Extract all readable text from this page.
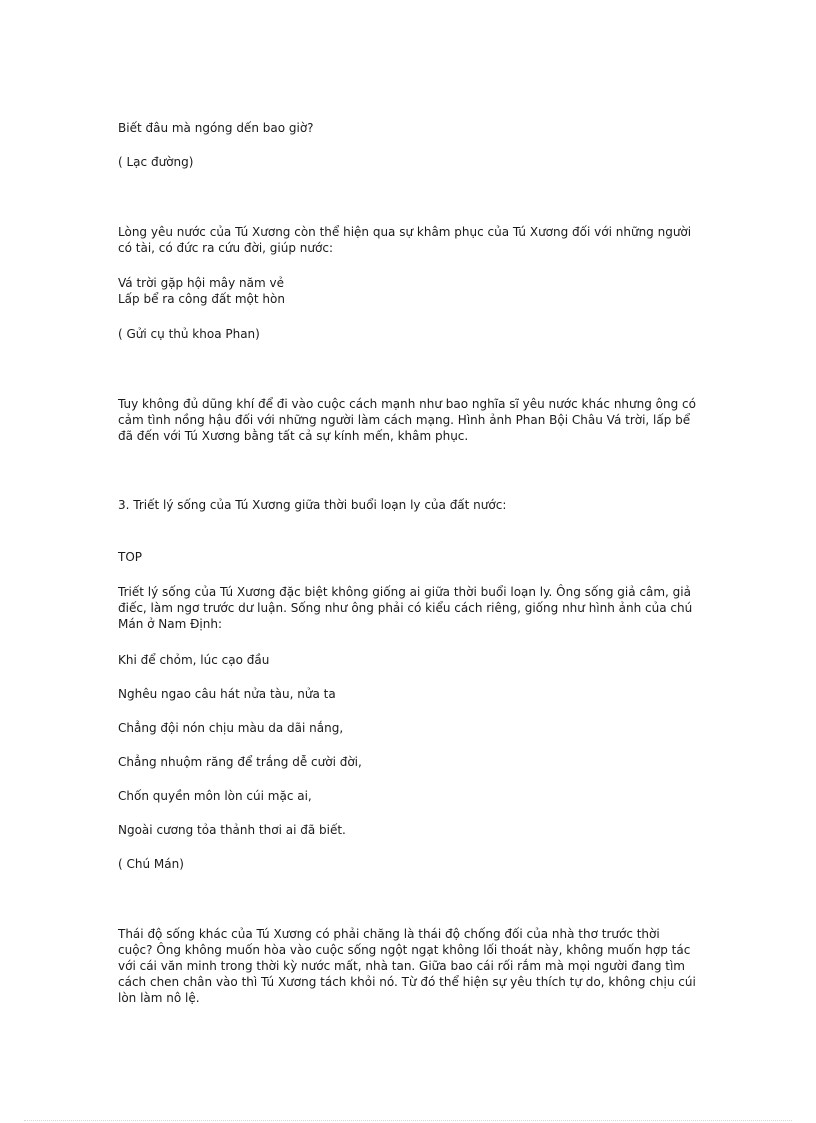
Biết đâu mà ngóng dến bao giờ?

( Lạc đường)

Lòng yêu nước của Tú Xương còn thể hiện qua sự khâm phục của Tú Xương đối với những người có tài, có đức ra cứu đời, giúp nước:

Vá trời gặp hội mây năm vẻ
Lấp bể ra công đất một hòn

( Gửi cụ thủ khoa Phan)

Tuy không đủ dũng khí để đi vào cuộc cách mạnh như bao nghĩa sĩ yêu nước khác nhưng ông có cảm tình nồng hậu đối với những người làm cách mạng. Hình ảnh Phan Bội Châu Vá trời, lấp bể đã đến với Tú Xương bằng tất cả sự kính mến, khâm phục.

3. Triết lý sống của Tú Xương giữa thời buổi loạn ly của đất nước:

TOP

Triết lý sống của Tú Xương đặc biệt không giống ai giữa thời buổi loạn ly. Ông sống giả câm, giả điếc, làm ngơ trước dư luận. Sống như ông phải có kiểu cách riêng, giống như hình ảnh của chú Mán ở Nam Định:

Khi để chỏm, lúc cạo đầu

Nghêu ngao câu hát nửa tàu, nửa ta

Chẳng đội nón chịu màu da dãi nắng,

Chẳng nhuộm răng để trắng dễ cười đời,

Chốn quyền môn lòn cúi mặc ai,

Ngoài cương tỏa thảnh thơi ai đã biết.

( Chú Mán)

Thái độ sống khác của Tú Xương có phải chăng là thái độ chống đối của nhà thơ trước thời cuộc? Ông không muốn hòa vào cuộc sống ngột ngạt không lối thoát này, không muốn hợp tác với cái văn minh trong thời kỳ nước mất, nhà tan. Giữa bao cái rối rắm mà mọi người đang tìm cách chen chân vào thì Tú Xương tách khỏi nó. Từ đó thể hiện sự yêu thích tự do, không chịu cúi lòn làm nô lệ.
